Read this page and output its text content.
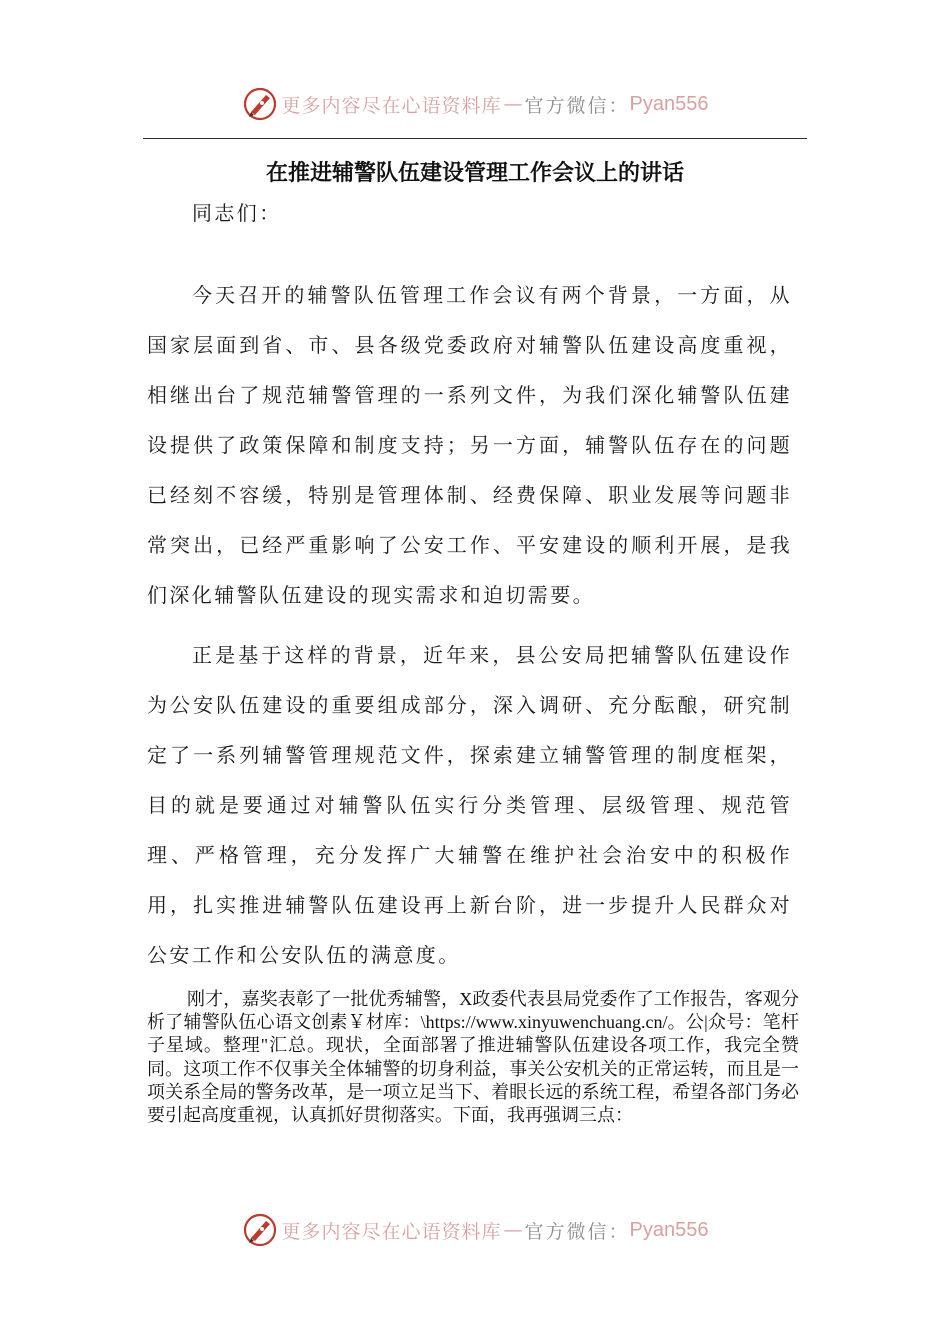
更多内容尽在心语资料库 — 官方微信： Pyan556
在推进辅警队伍建设管理工作会议上的讲话
同志们：
今天召开的辅警队伍管理工作会议有两个背景，一方面，从国家层面到省、市、县各级党委政府对辅警队伍建设高度重视，相继出台了规范辅警管理的一系列文件，为我们深化辅警队伍建设提供了政策保障和制度支持；另一方面，辅警队伍存在的问题已经刻不容缓，特别是管理体制、经费保障、职业发展等问题非常突出，已经严重影响了公安工作、平安建设的顺利开展，是我们深化辅警队伍建设的现实需求和迫切需要。
正是基于这样的背景，近年来，县公安局把辅警队伍建设作为公安队伍建设的重要组成部分，深入调研、充分酝酿，研究制定了一系列辅警管理规范文件，探索建立辅警管理的制度框架，目的就是要通过对辅警队伍实行分类管理、层级管理、规范管理、严格管理，充分发挥广大辅警在维护社会治安中的积极作用，扎实推进辅警队伍建设再上新台阶，进一步提升人民群众对公安工作和公安队伍的满意度。
刚才，嘉奖表彰了一批优秀辅警，X政委代表县局党委作了工作报告，客观分析了辅警队伍心语文创素￥材库：\https://www.xinyuwenchuang.cn/。公|众号：笔杆子星域。整理"汇总。现状，全面部署了推进辅警队伍建设各项工作，我完全赞同。这项工作不仅事关全体辅警的切身利益，事关公安机关的正常运转，而且是一项关系全局的警务改革，是一项立足当下、着眼长远的系统工程，希望各部门务必要引起高度重视，认真抓好贯彻落实。下面，我再强调三点：
更多内容尽在心语资料库 — 官方微信： Pyan556
